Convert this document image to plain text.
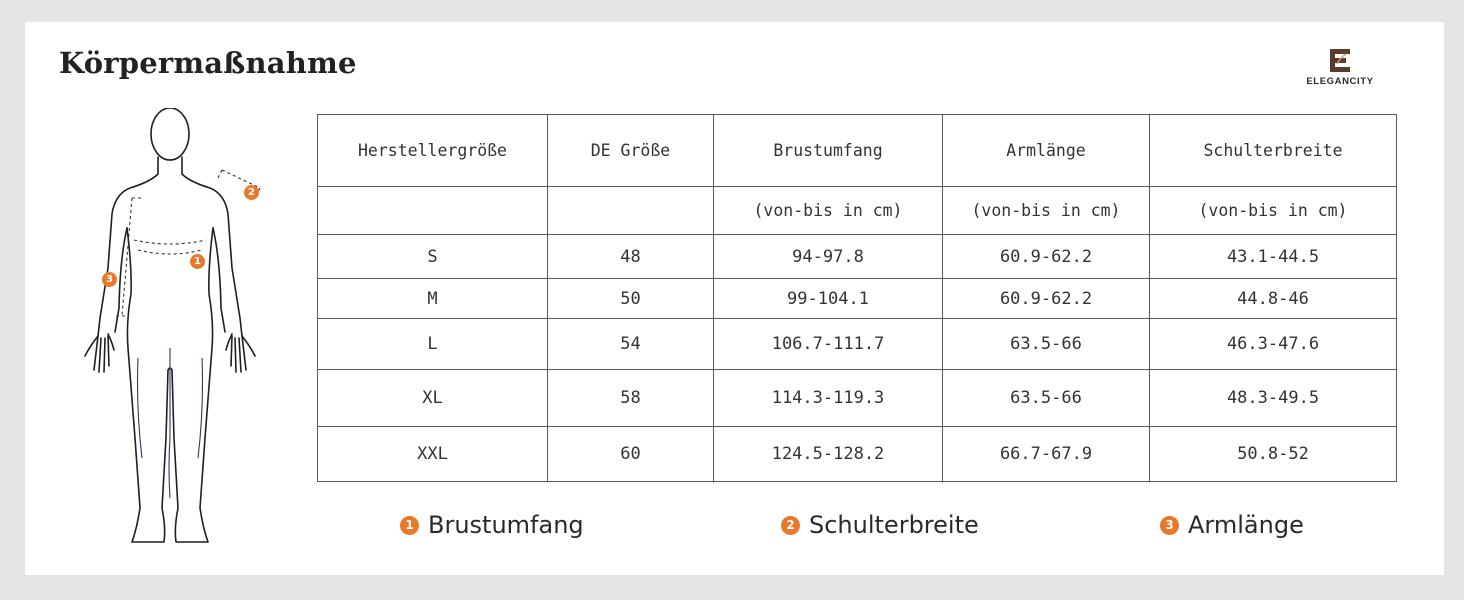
Körpermaßnahme
ELEGANCITY
1
2
3
Herstellergröße	DE Größe	Brustumfang	Armlänge	Schulterbreite
		(von-bis in cm)	(von-bis in cm)	(von-bis in cm)
S	48	94-97.8	60.9-62.2	43.1-44.5
M	50	99-104.1	60.9-62.2	44.8-46
L	54	106.7-111.7	63.5-66	46.3-47.6
XL	58	114.3-119.3	63.5-66	48.3-49.5
XXL	60	124.5-128.2	66.7-67.9	50.8-52
1 Brustumfang	2 Schulterbreite	3 Armlänge
